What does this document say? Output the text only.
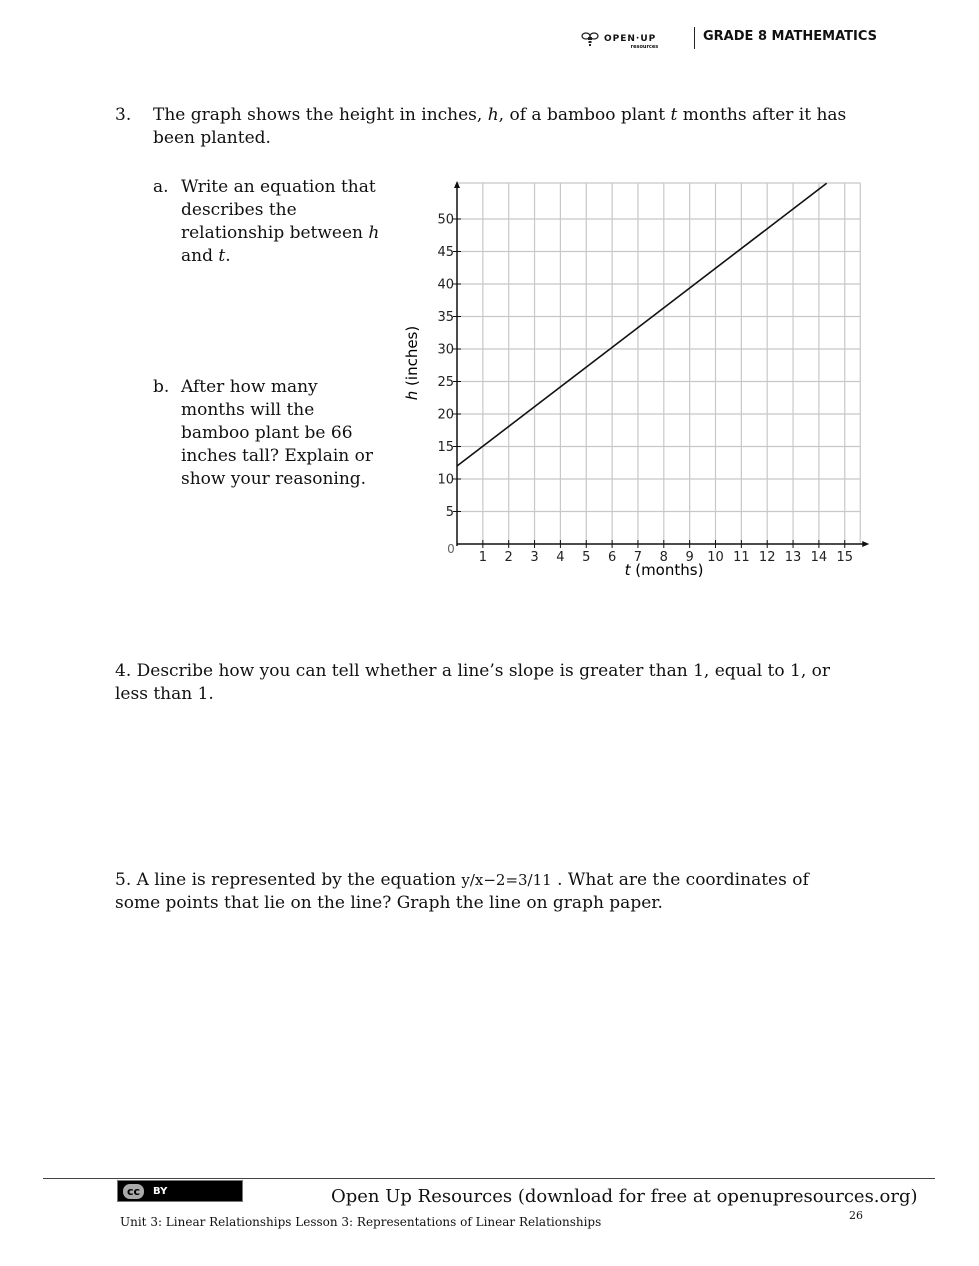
OPEN·UP
resources
GRADE 8 MATHEMATICS
3. The graph shows the height in inches, h, of a bamboo plant t months after it has been planted.
a. Write an equation that describes the relationship between h and t.
b. After how many months will the bamboo plant be 66 inches tall? Explain or show your reasoning.
1 2 3 4 5 6 7 8 9 10 11 12 13 14 15
5
10
15
20
25
30
35
40
45
50
0
t (months)
h (inches)
4. Describe how you can tell whether a line’s slope is greater than 1, equal to 1, or less than 1.
5. A line is represented by the equation y/x−2=3/11 . What are the coordinates of some points that lie on the line? Graph the line on graph paper.
cc	BY	Open Up Resources (download for free at openupresources.org)
26
Unit 3: Linear Relationships Lesson 3: Representations of Linear Relationships
